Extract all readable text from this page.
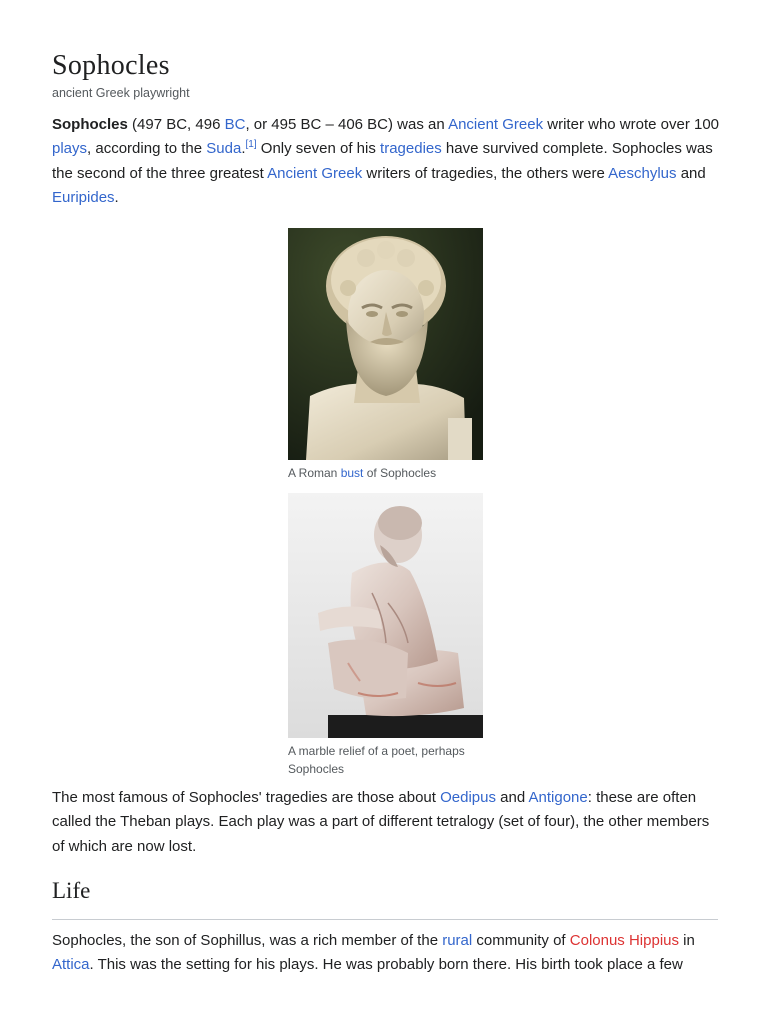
Sophocles
ancient Greek playwright

Sophocles (497 BC, 496 BC, or 495 BC – 406 BC) was an Ancient Greek writer who wrote over 100 plays, according to the Suda.[1] Only seven of his tragedies have survived complete. Sophocles was the second of the three greatest Ancient Greek writers of tragedies, the others were Aeschylus and Euripides.

A Roman bust of Sophocles
A marble relief of a poet, perhaps Sophocles

The most famous of Sophocles' tragedies are those about Oedipus and Antigone: these are often called the Theban plays. Each play was a part of different tetralogy (set of four), the other members of which are now lost.

Life

Sophocles, the son of Sophillus, was a rich member of the rural community of Colonus Hippius in Attica. This was the setting for his plays. He was probably born there. His birth took place a few
